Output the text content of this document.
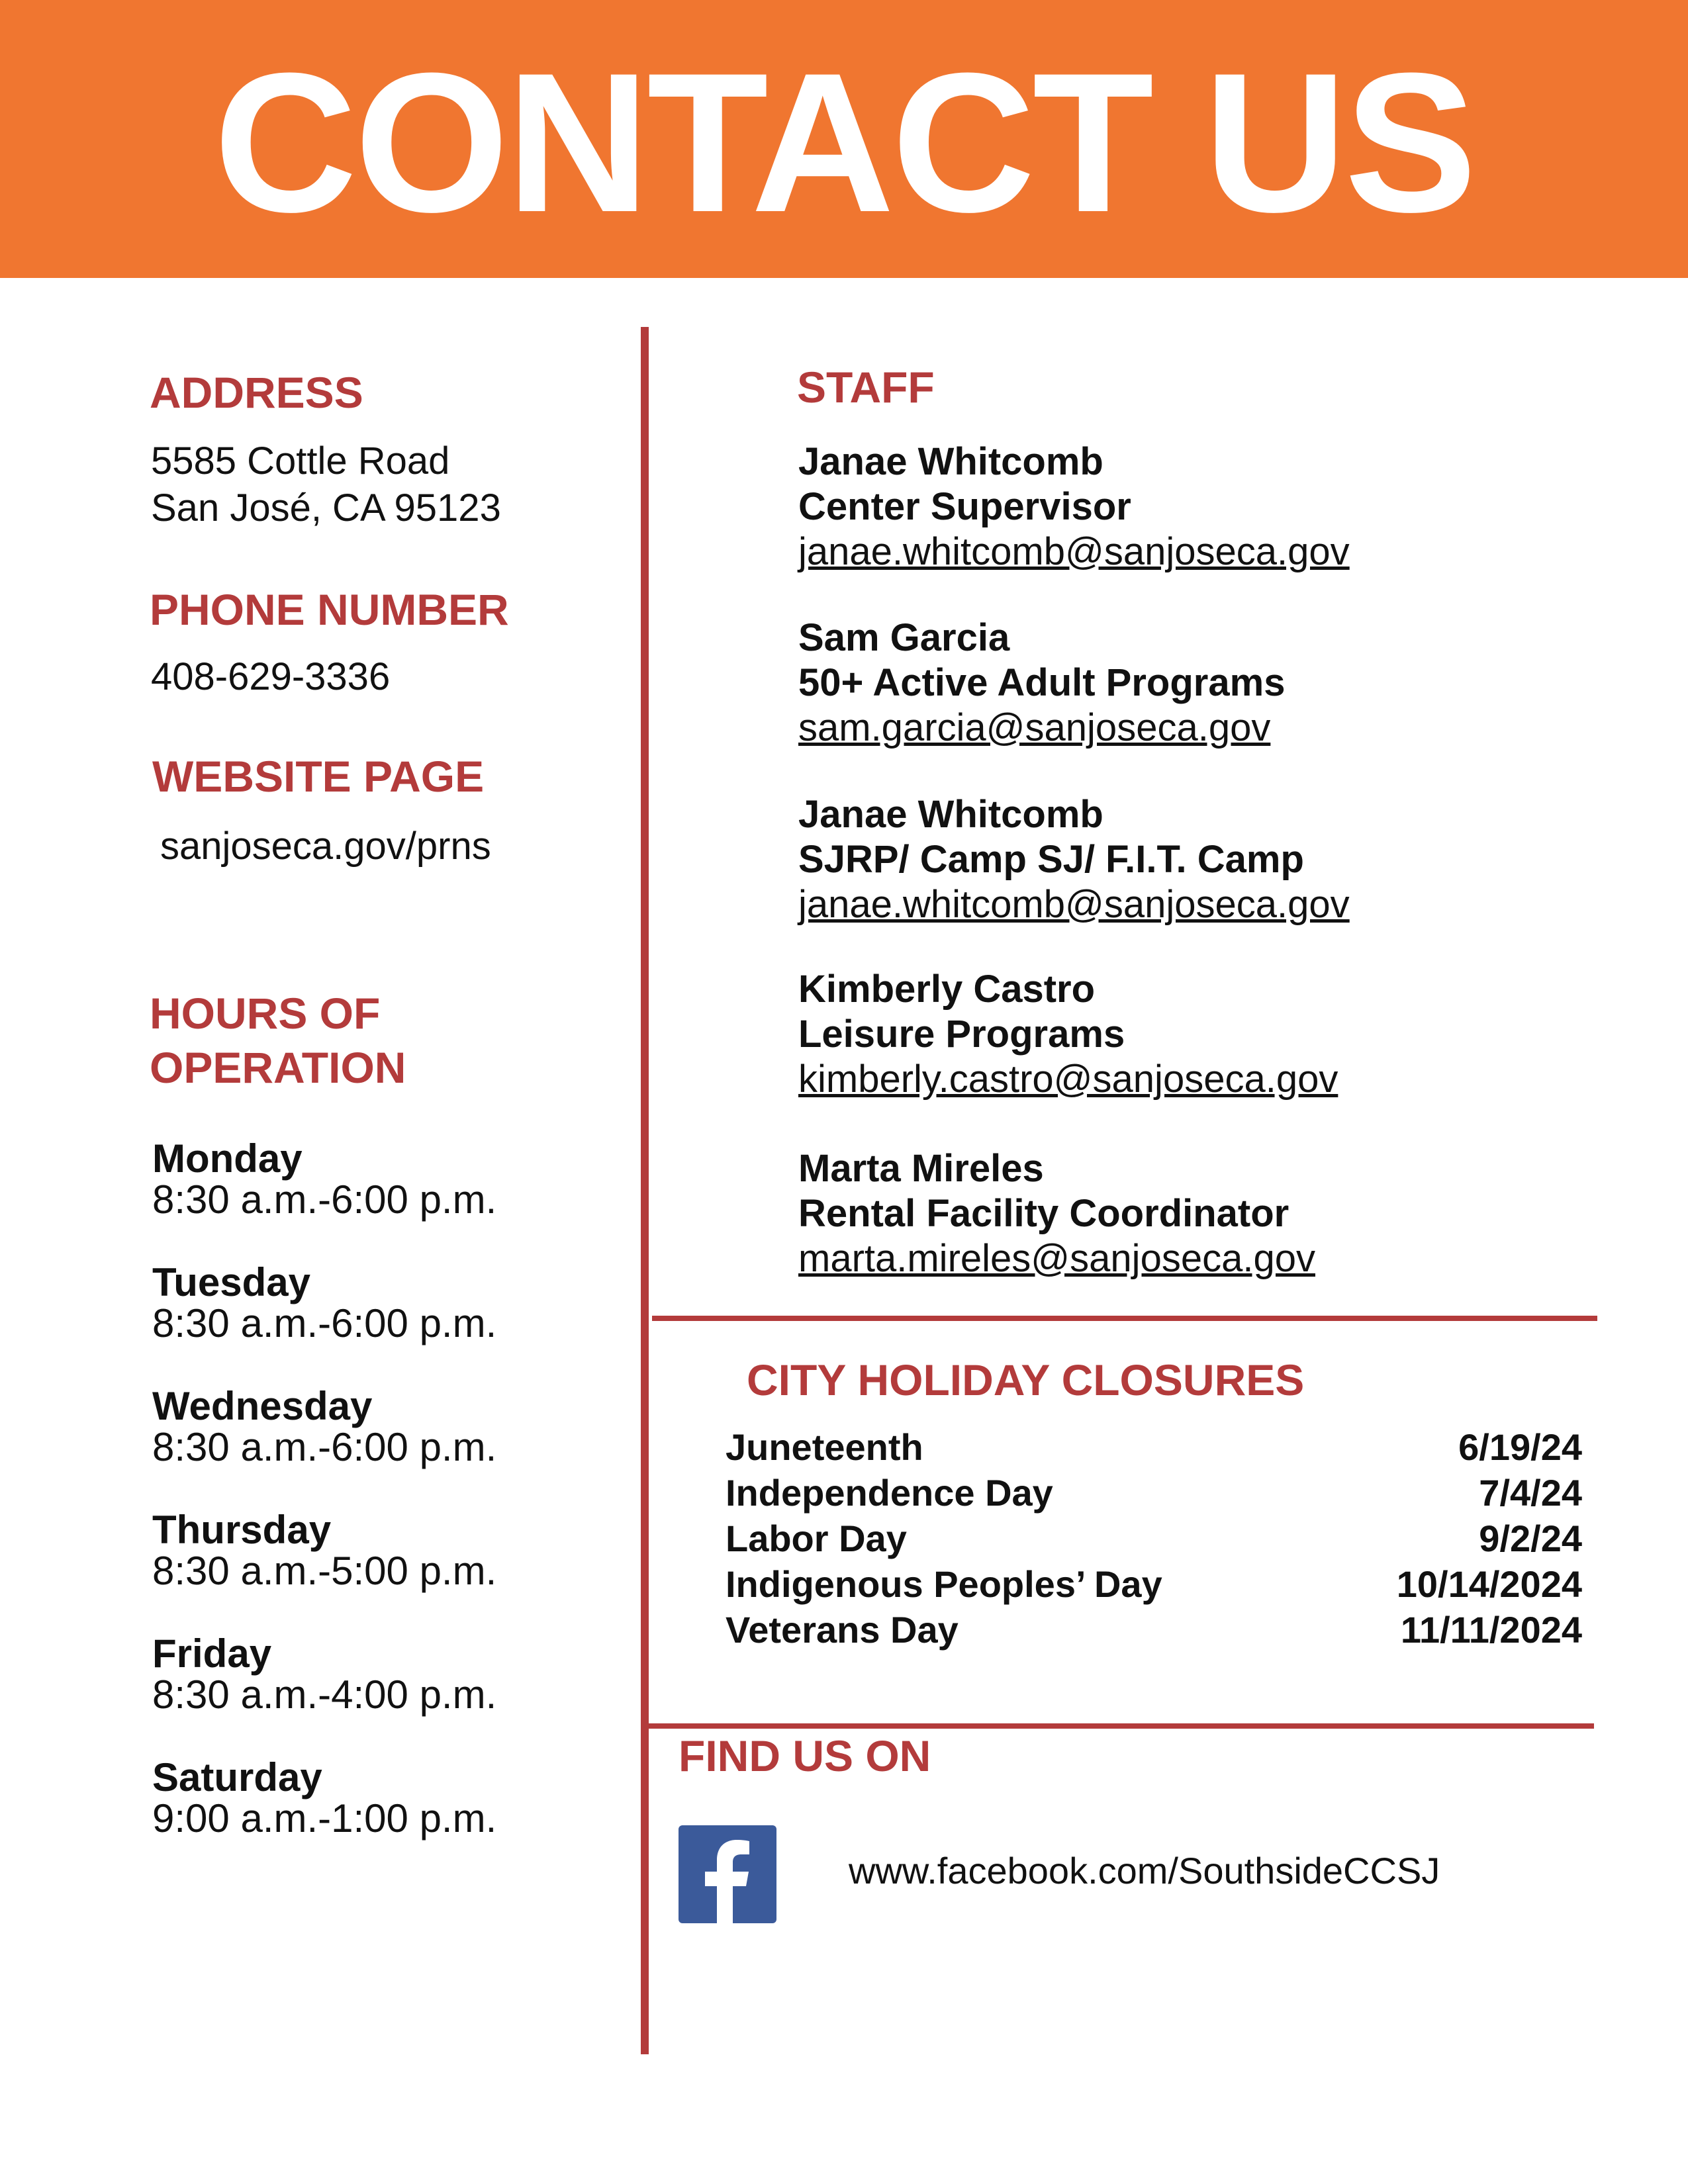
CONTACT US
ADDRESS
5585 Cottle Road
San José, CA 95123
PHONE NUMBER
408-629-3336
WEBSITE PAGE
sanjoseca.gov/prns
HOURS OF
OPERATION
Monday
8:30 a.m.-6:00 p.m.
Tuesday
8:30 a.m.-6:00 p.m.
Wednesday
8:30 a.m.-6:00 p.m.
Thursday
8:30 a.m.-5:00 p.m.
Friday
8:30 a.m.-4:00 p.m.
Saturday
9:00 a.m.-1:00 p.m.
STAFF
Janae Whitcomb
Center Supervisor
janae.whitcomb@sanjoseca.gov
Sam Garcia
50+ Active Adult Programs
sam.garcia@sanjoseca.gov
Janae Whitcomb
SJRP/ Camp SJ/ F.I.T. Camp
janae.whitcomb@sanjoseca.gov
Kimberly Castro
Leisure Programs
kimberly.castro@sanjoseca.gov
Marta Mireles
Rental Facility Coordinator
marta.mireles@sanjoseca.gov
CITY HOLIDAY CLOSURES
Juneteenth	6/19/24
Independence Day	7/4/24
Labor Day	9/2/24
Indigenous Peoples’ Day	10/14/2024
Veterans Day	11/11/2024
FIND US ON
www.facebook.com/SouthsideCCSJ
